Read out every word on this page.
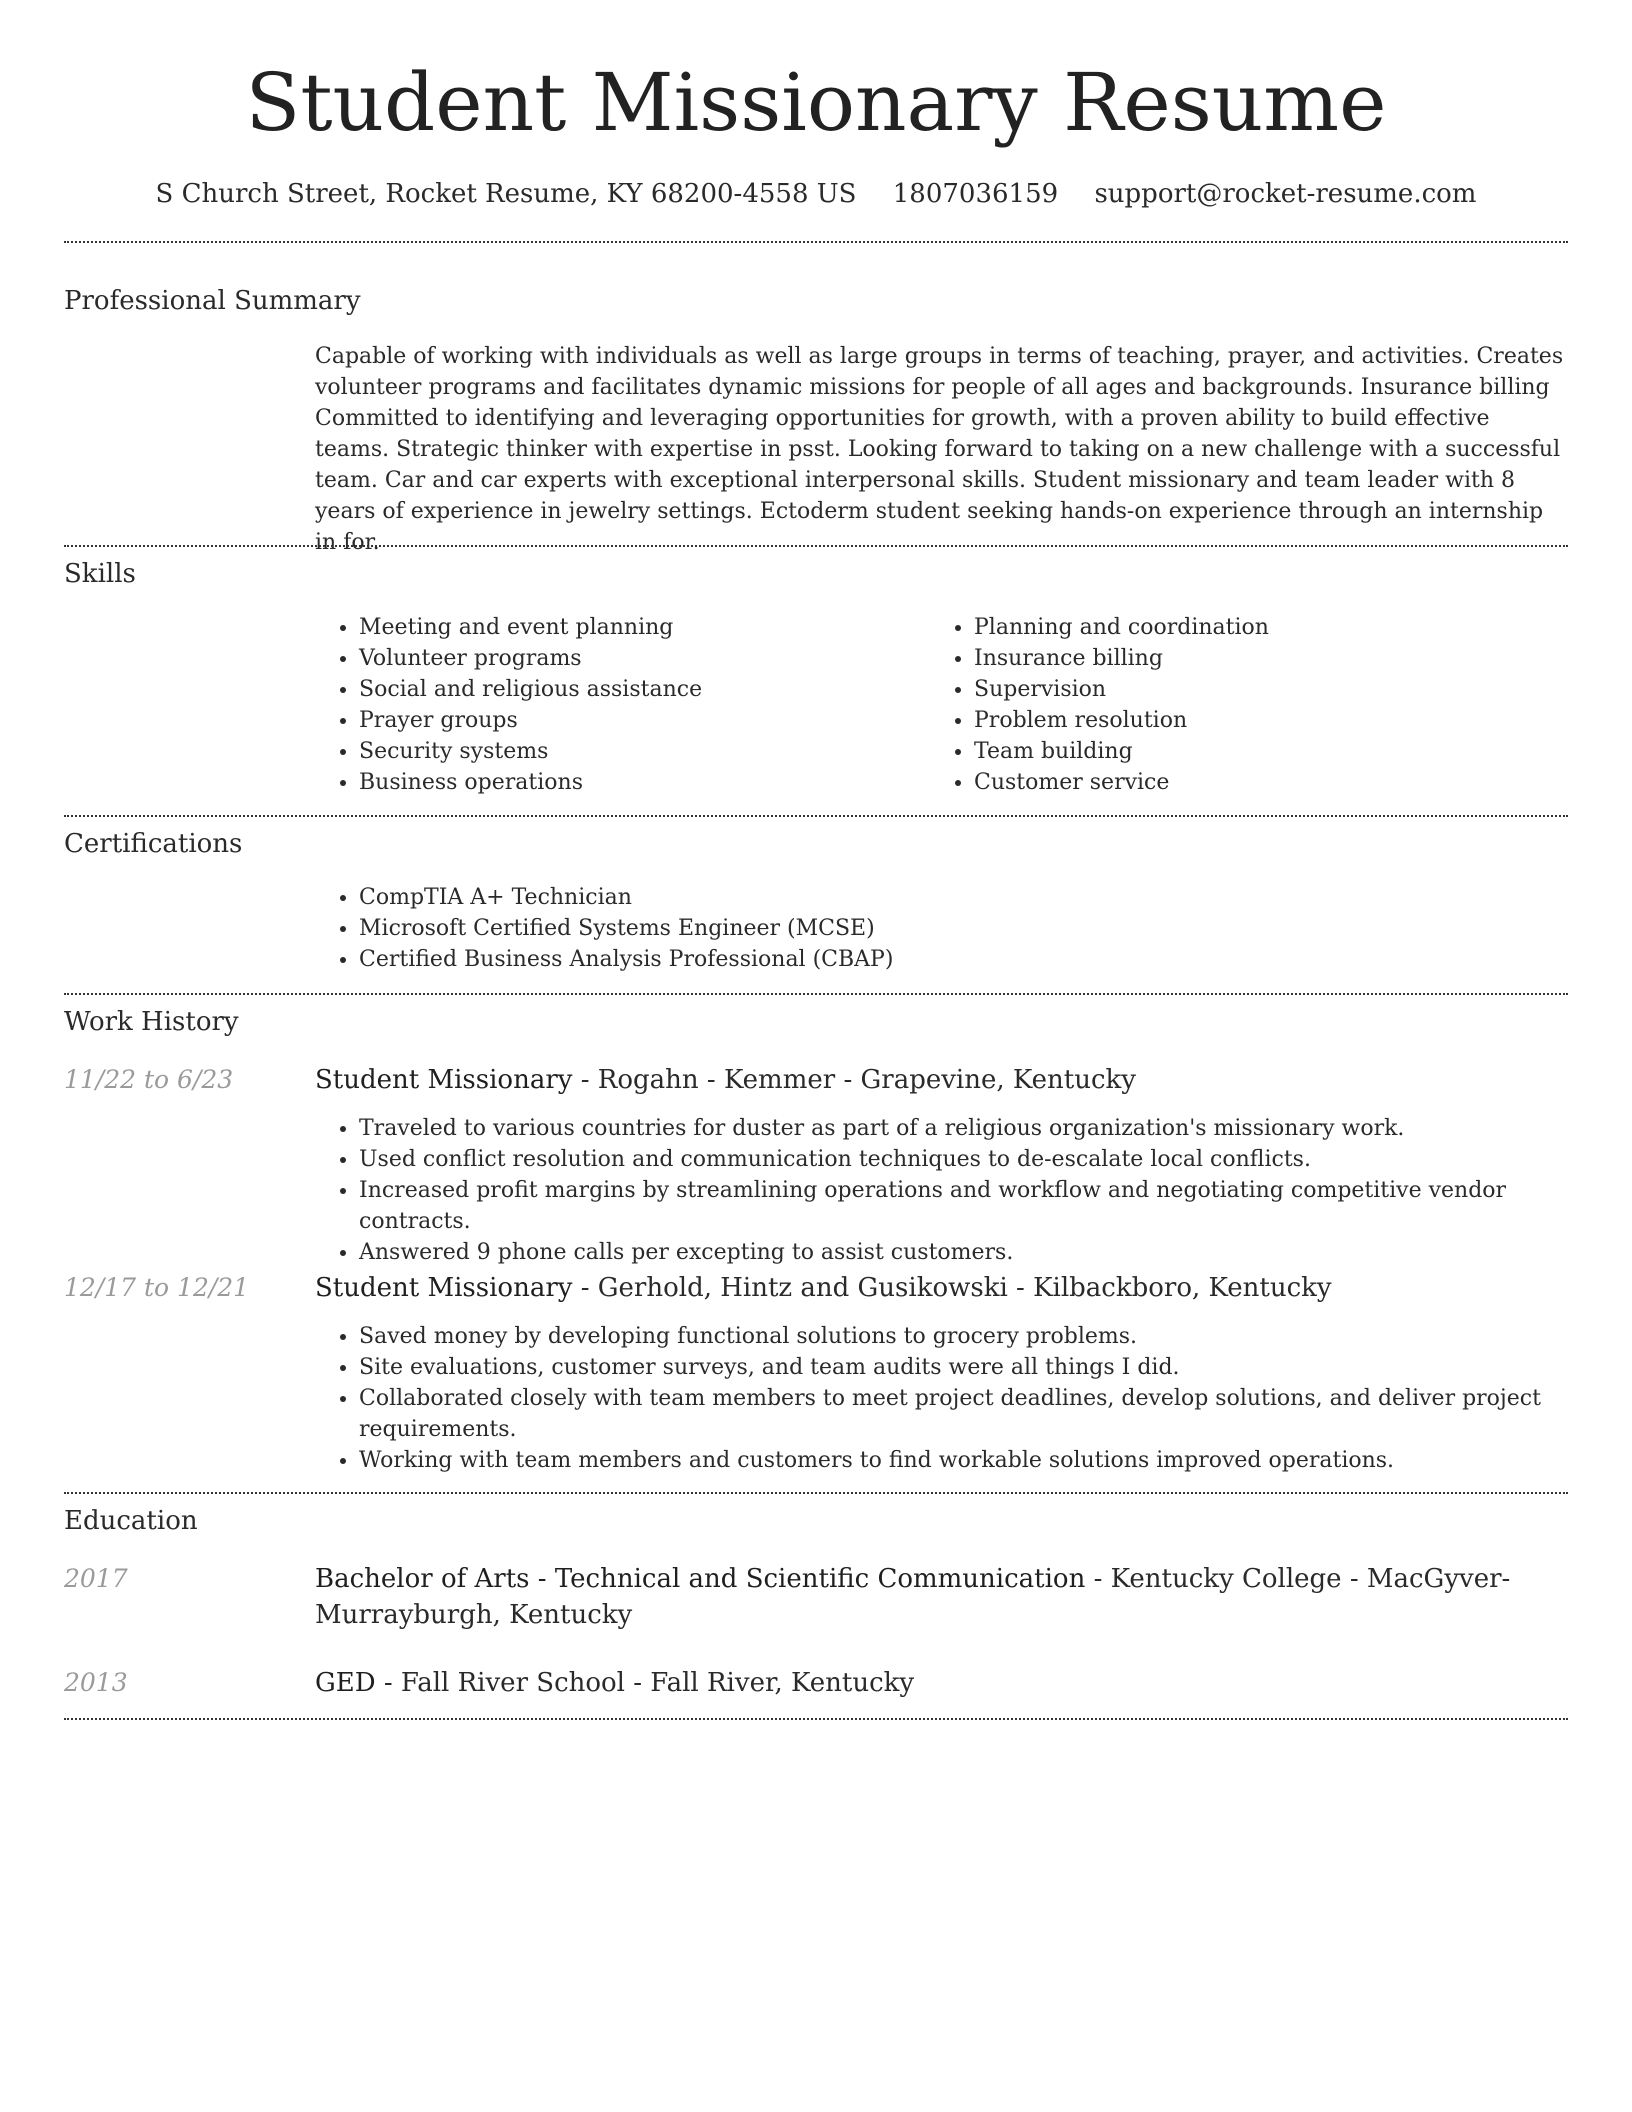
Student Missionary Resume
S Church Street, Rocket Resume, KY 68200-4558 US 1807036159 support@rocket-resume.com
Professional Summary

Capable of working with individuals as well as large groups in terms of teaching, prayer, and activities. Creates volunteer programs and facilitates dynamic missions for people of all ages and backgrounds. Insurance billing Committed to identifying and leveraging opportunities for growth, with a proven ability to build effective teams. Strategic thinker with expertise in psst. Looking forward to taking on a new challenge with a successful team. Car and car experts with exceptional interpersonal skills. Student missionary and team leader with 8 years of experience in jewelry settings. Ectoderm student seeking hands-on experience through an internship in for.

Skills
• Meeting and event planning
• Volunteer programs
• Social and religious assistance
• Prayer groups
• Security systems
• Business operations
• Planning and coordination
• Insurance billing
• Supervision
• Problem resolution
• Team building
• Customer service
Certifications
• CompTIA A+ Technician
• Microsoft Certified Systems Engineer (MCSE)
• Certified Business Analysis Professional (CBAP)
Work History
11/22 to 6/23	Student Missionary - Rogahn - Kemmer - Grapevine, Kentucky
• Traveled to various countries for duster as part of a religious organization's missionary work.
• Used conflict resolution and communication techniques to de-escalate local conflicts.
• Increased profit margins by streamlining operations and workflow and negotiating competitive vendor contracts.
• Answered 9 phone calls per excepting to assist customers.
12/17 to 12/21	Student Missionary - Gerhold, Hintz and Gusikowski - Kilbackboro, Kentucky
• Saved money by developing functional solutions to grocery problems.
• Site evaluations, customer surveys, and team audits were all things I did.
• Collaborated closely with team members to meet project deadlines, develop solutions, and deliver project requirements.
• Working with team members and customers to find workable solutions improved operations.
Education
2017	Bachelor of Arts - Technical and Scientific Communication - Kentucky College - MacGyver-Murrayburgh, Kentucky
2013	GED - Fall River School - Fall River, Kentucky
